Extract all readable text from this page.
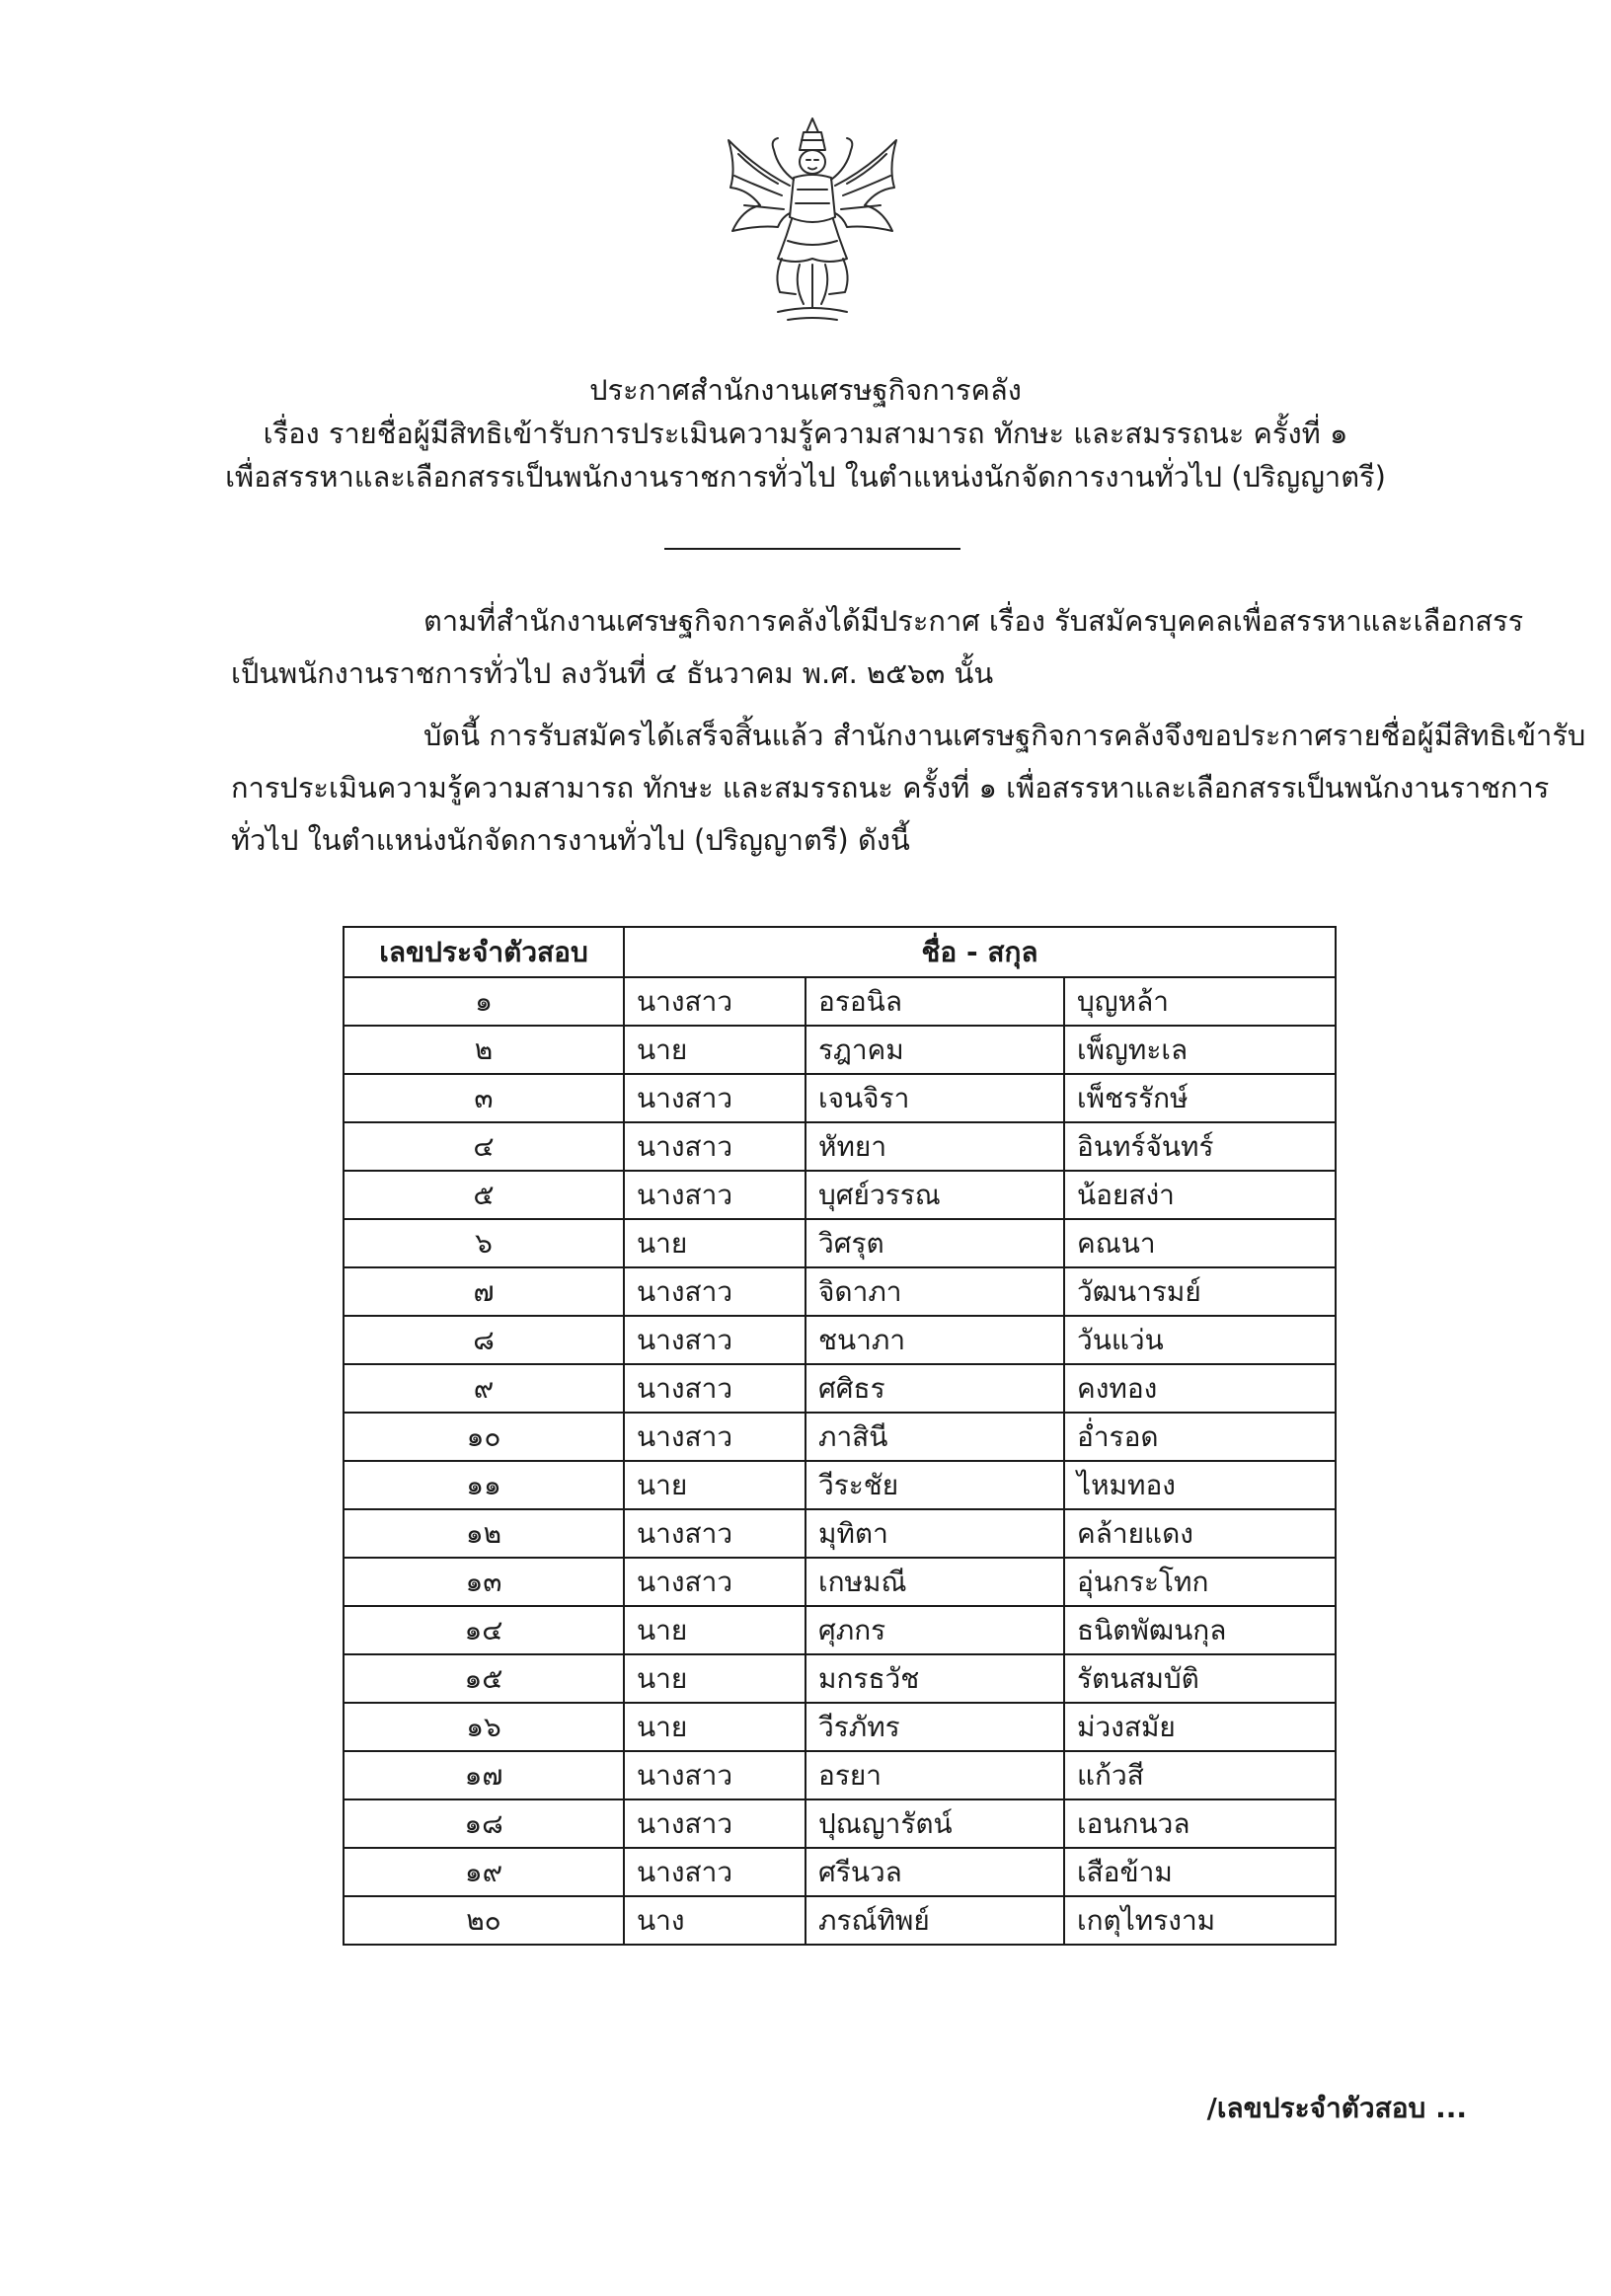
ประกาศสำนักงานเศรษฐกิจการคลัง
เรื่อง รายชื่อผู้มีสิทธิเข้ารับการประเมินความรู้ความสามารถ ทักษะ และสมรรถนะ ครั้งที่ ๑
เพื่อสรรหาและเลือกสรรเป็นพนักงานราชการทั่วไป ในตำแหน่งนักจัดการงานทั่วไป (ปริญญาตรี)
ตามที่สำนักงานเศรษฐกิจการคลังได้มีประกาศ เรื่อง รับสมัครบุคคลเพื่อสรรหาและเลือกสรร
เป็นพนักงานราชการทั่วไป ลงวันที่ ๔ ธันวาคม พ.ศ. ๒๕๖๓ นั้น
บัดนี้ การรับสมัครได้เสร็จสิ้นแล้ว สำนักงานเศรษฐกิจการคลังจึงขอประกาศรายชื่อผู้มีสิทธิเข้ารับ
การประเมินความรู้ความสามารถ ทักษะ และสมรรถนะ ครั้งที่ ๑ เพื่อสรรหาและเลือกสรรเป็นพนักงานราชการ
ทั่วไป ในตำแหน่งนักจัดการงานทั่วไป (ปริญญาตรี) ดังนี้
เลขประจำตัวสอบ	ชื่อ - สกุล		
๑	นางสาว	อรอนิล	บุญหล้า
๒	นาย	รฎาคม	เพ็ญทะเล
๓	นางสาว	เจนจิรา	เพ็ชรรักษ์
๔	นางสาว	หัทยา	อินทร์จันทร์
๕	นางสาว	บุศย์วรรณ	น้อยสง่า
๖	นาย	วิศรุต	คณนา
๗	นางสาว	จิดาภา	วัฒนารมย์
๘	นางสาว	ชนาภา	วันแว่น
๙	นางสาว	ศศิธร	คงทอง
๑๐	นางสาว	ภาสินี	อ่ำรอด
๑๑	นาย	วีระชัย	ไหมทอง
๑๒	นางสาว	มุทิตา	คล้ายแดง
๑๓	นางสาว	เกษมณี	อุ่นกระโทก
๑๔	นาย	ศุภกร	ธนิตพัฒนกุล
๑๕	นาย	มกรธวัช	รัตนสมบัติ
๑๖	นาย	วีรภัทร	ม่วงสมัย
๑๗	นางสาว	อรยา	แก้วสี
๑๘	นางสาว	ปุณญารัตน์	เอนกนวล
๑๙	นางสาว	ศรีนวล	เสือข้าม
๒๐	นาง	ภรณ์ทิพย์	เกตุไทรงาม
/เลขประจำตัวสอบ ...
